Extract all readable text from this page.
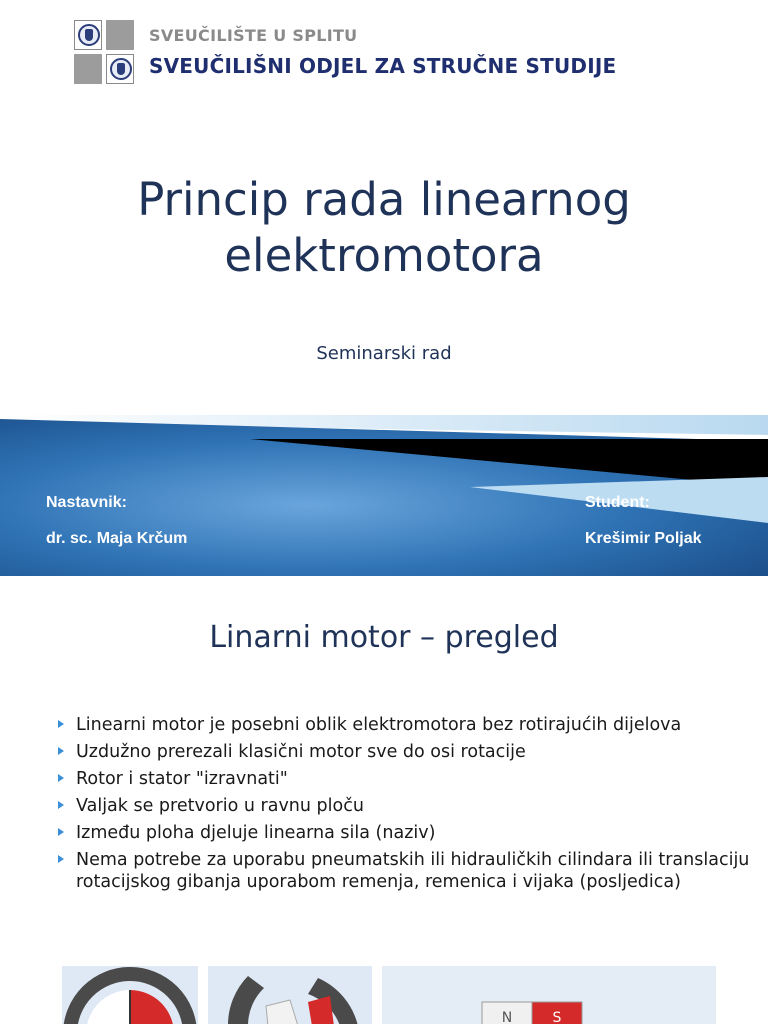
SVEUČILIŠTE U SPLITU
SVEUČILIŠNI ODJEL ZA STRUČNE STUDIJE
Princip rada linearnog
elektromotora
Seminarski rad
Nastavnik:
dr. sc. Maja Krčum
Student:
Krešimir Poljak
Linarni motor – pregled
Linearni motor je posebni oblik elektromotora bez rotirajućih dijelova
Uzdužno prerezali klasični motor sve do osi rotacije
Rotor i stator "izravnati"
Valjak se pretvorio u ravnu ploču
Između ploha djeluje linearna sila (naziv)
Nema potrebe za uporabu pneumatskih ili hidrauličkih cilindara ili translaciju rotacijskog gibanja uporabom remenja, remenica i vijaka (posljedica)
N	S
